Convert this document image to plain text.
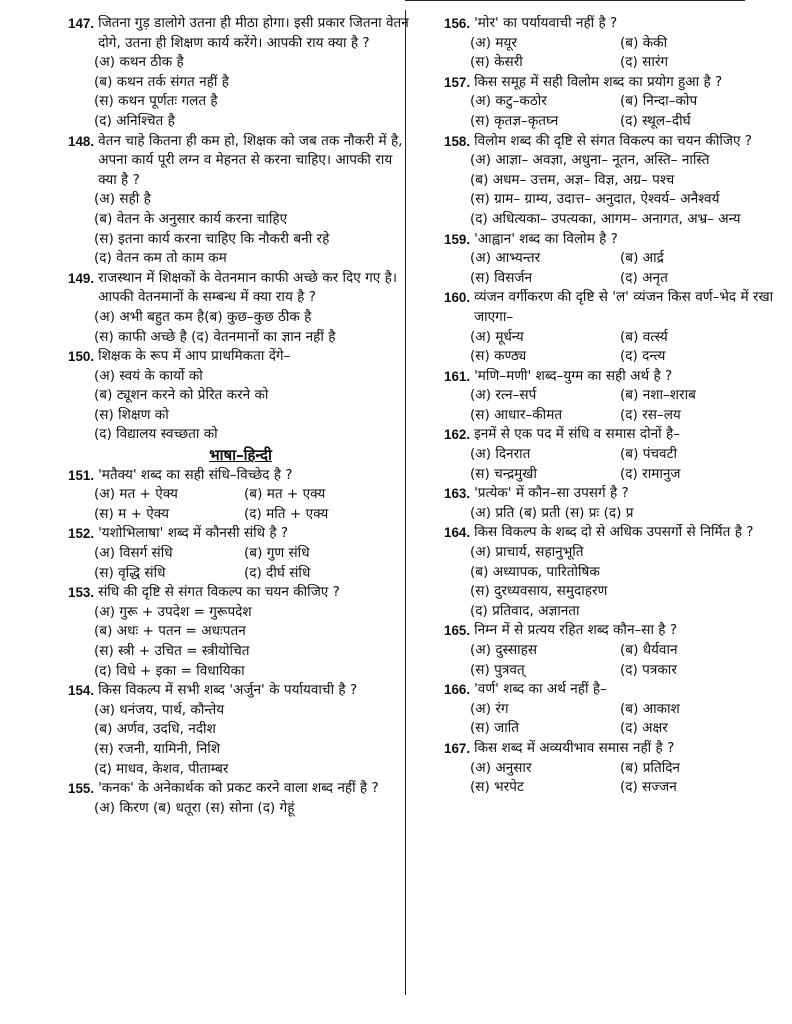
147. जितना गुड़ डालोगे उतना ही मीठा होगा। इसी प्रकार जितना वेतन दोगे, उतना ही शिक्षण कार्य करेंगे। आपकी राय क्या है ?
(अ) कथन ठीक है
(ब) कथन तर्क संगत नहीं है
(स) कथन पूर्णतः गलत है
(द) अनिश्चित है
148. वेतन चाहे कितना ही कम हो, शिक्षक को जब तक नौकरी में है, अपना कार्य पूरी लग्न व मेहनत से करना चाहिए। आपकी राय क्या है ?
(अ) सही है
(ब) वेतन के अनुसार कार्य करना चाहिए
(स) इतना कार्य करना चाहिए कि नौकरी बनी रहे
(द) वेतन कम तो काम कम
149. राजस्थान में शिक्षकों के वेतनमान काफी अच्छे कर दिए गए है। आपकी वेतनमानों के सम्बन्ध में क्या राय है ?
(अ) अभी बहुत कम है(ब) कुछ–कुछ ठीक है
(स) काफी अच्छे है (द) वेतनमानों का ज्ञान नहीं है
150. शिक्षक के रूप में आप प्राथमिकता देंगे–
(अ) स्वयं के कार्यो को
(ब) ट्यूशन करने को प्रेरित करने को
(स) शिक्षण को
(द) विद्यालय स्वच्छता को
भाषा–हिन्दी
151. 'मतैक्य' शब्द का सही संधि–विच्छेद है ?
(अ) मत + ऐक्य	(ब) मत + एक्य
(स) म + ऐक्य	(द) मति + एक्य
152. 'यशोभिलाषा' शब्द में कौनसी संधि है ?
(अ) विसर्ग संधि	(ब) गुण संधि
(स) वृद्धि संधि	(द) दीर्घ संधि
153. संधि की दृष्टि से संगत विकल्प का चयन कीजिए ?
(अ) गुरू + उपदेश = गुरूपदेश
(ब) अधः + पतन = अधःपतन
(स) स्त्री + उचित = स्त्रीयोचित
(द) विधे + इका = विधायिका
154. किस विकल्प में सभी शब्द 'अर्जुन' के पर्यायवाची है ?
(अ) धनंजय, पार्थ, कौन्तेय
(ब) अर्णव, उदधि, नदीश
(स) रजनी, यामिनी, निशि
(द) माधव, केशव, पीताम्बर
155. 'कनक' के अनेकार्थक को प्रकट करने वाला शब्द नहीं है ?
(अ) किरण (ब) धतूरा (स) सोना (द) गेहूं
156. 'मोर' का पर्यायवाची नहीं है ?
(अ) मयूर	(ब) केकी
(स) केसरी	(द) सारंग
157. किस समूह में सही विलोम शब्द का प्रयोग हुआ है ?
(अ) कटु–कठोर	(ब) निन्दा–कोप
(स) कृतज्ञ–कृतघ्न	(द) स्थूल–दीर्घ
158. विलोम शब्द की दृष्टि से संगत विकल्प का चयन कीजिए ?
(अ) आज्ञा– अवज्ञा, अधुना– नूतन, अस्ति– नास्ति
(ब) अधम– उत्तम, अज्ञ– विज्ञ, अग्र– पश्च
(स) ग्राम– ग्राम्य, उदात्त– अनुदात, ऐश्वर्य– अनैश्वर्य
(द) अधित्यका– उपत्यका, आगम– अनागत, अभ्र– अन्य
159. 'आह्वान' शब्द का विलोम है ?
(अ) आभ्यन्तर	(ब) आर्द्र
(स) विसर्जन	(द) अनृत
160. व्यंजन वर्गीकरण की दृष्टि से 'ल' व्यंजन किस वर्ण–भेद में रखा जाएगा–
(अ) मूर्धन्य	(ब) वर्त्स्य
(स) कण्ठ्य	(द) दन्त्य
161. 'मणि–मणी' शब्द–युग्म का सही अर्थ है ?
(अ) रत्न–सर्प	(ब) नशा–शराब
(स) आधार–कीमत	(द) रस–लय
162. इनमें से एक पद में संधि व समास दोनों है–
(अ) दिनरात	(ब) पंचवटी
(स) चन्द्रमुखी	(द) रामानुज
163. 'प्रत्येक' में कौन–सा उपसर्ग है ?
(अ) प्रति (ब) प्रती (स) प्रः (द) प्र
164. किस विकल्प के शब्द दो से अधिक उपसर्गो से निर्मित है ?
(अ) प्राचार्य, सहानुभूति
(ब) अध्यापक, पारितोषिक
(स) दुरध्यवसाय, समुदाहरण
(द) प्रतिवाद, अज्ञानता
165. निम्न में से प्रत्यय रहित शब्द कौन–सा है ?
(अ) दुस्साहस	(ब) धैर्यवान
(स) पुत्रवत्	(द) पत्रकार
166. 'वर्ण' शब्द का अर्थ नहीं है–
(अ) रंग	(ब) आकाश
(स) जाति	(द) अक्षर
167. किस शब्द में अव्ययीभाव समास नहीं है ?
(अ) अनुसार	(ब) प्रतिदिन
(स) भरपेट	(द) सज्जन
